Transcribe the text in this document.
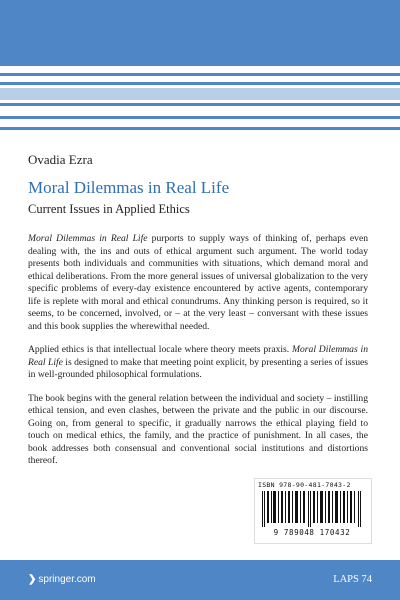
Ovadia Ezra
Moral Dilemmas in Real Life
Current Issues in Applied Ethics

Moral Dilemmas in Real Life purports to supply ways of thinking of, perhaps even dealing with, the ins and outs of ethical argument such argument. The world today presents both individuals and communities with situations, which demand moral and ethical deliberations. From the more general issues of universal globalization to the very specific problems of every-day existence encountered by active agents, contemporary life is replete with moral and ethical conundrums. Any thinking person is required, so it seems, to be concerned, involved, or – at the very least – conversant with these issues and this book supplies the wherewithal needed.

Applied ethics is that intellectual locale where theory meets praxis. Moral Dilemmas in Real Life is designed to make that meeting point explicit, by presenting a series of issues in well-grounded philosophical formulations.

The book begins with the general relation between the individual and society – instilling ethical tension, and even clashes, between the private and the public in our discourse. Going on, from general to specific, it gradually narrows the ethical playing field to touch on medical ethics, the family, and the practice of punishment. In all cases, the book addresses both consensual and conventional social institutions and distortions thereof.

ISBN 978-90-481-7043-2
9 789048 170432
❯ springer.com	LAPS 74
